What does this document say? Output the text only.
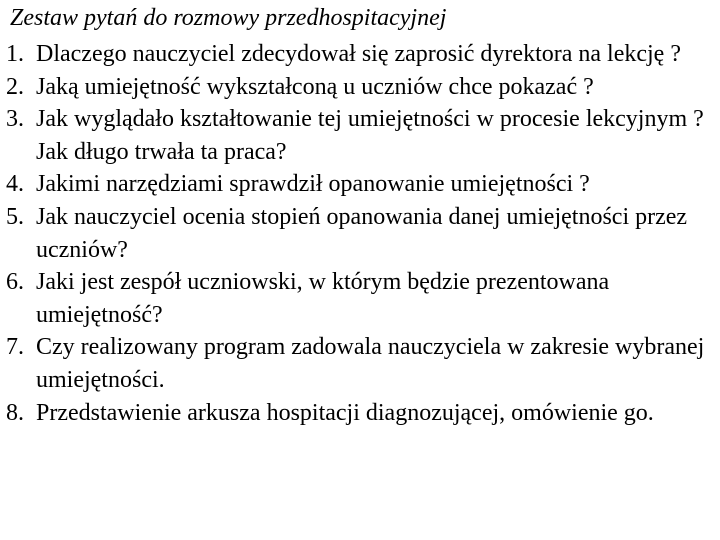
Zestaw pytań do rozmowy przedhospitacyjnej
1. Dlaczego nauczyciel zdecydował się zaprosić dyrektora na lekcję ?
2. Jaką umiejętność wykształconą u uczniów chce pokazać ?
3. Jak wyglądało kształtowanie tej umiejętności w procesie lekcyjnym ? Jak długo trwała ta praca?
4. Jakimi narzędziami sprawdził opanowanie umiejętności ?
5. Jak nauczyciel ocenia stopień opanowania danej umiejętności przez uczniów?
6. Jaki jest zespół uczniowski, w którym będzie prezentowana umiejętność?
7. Czy realizowany program zadowala nauczyciela w zakresie wybranej umiejętności.
8. Przedstawienie arkusza hospitacji diagnozującej, omówienie go.
